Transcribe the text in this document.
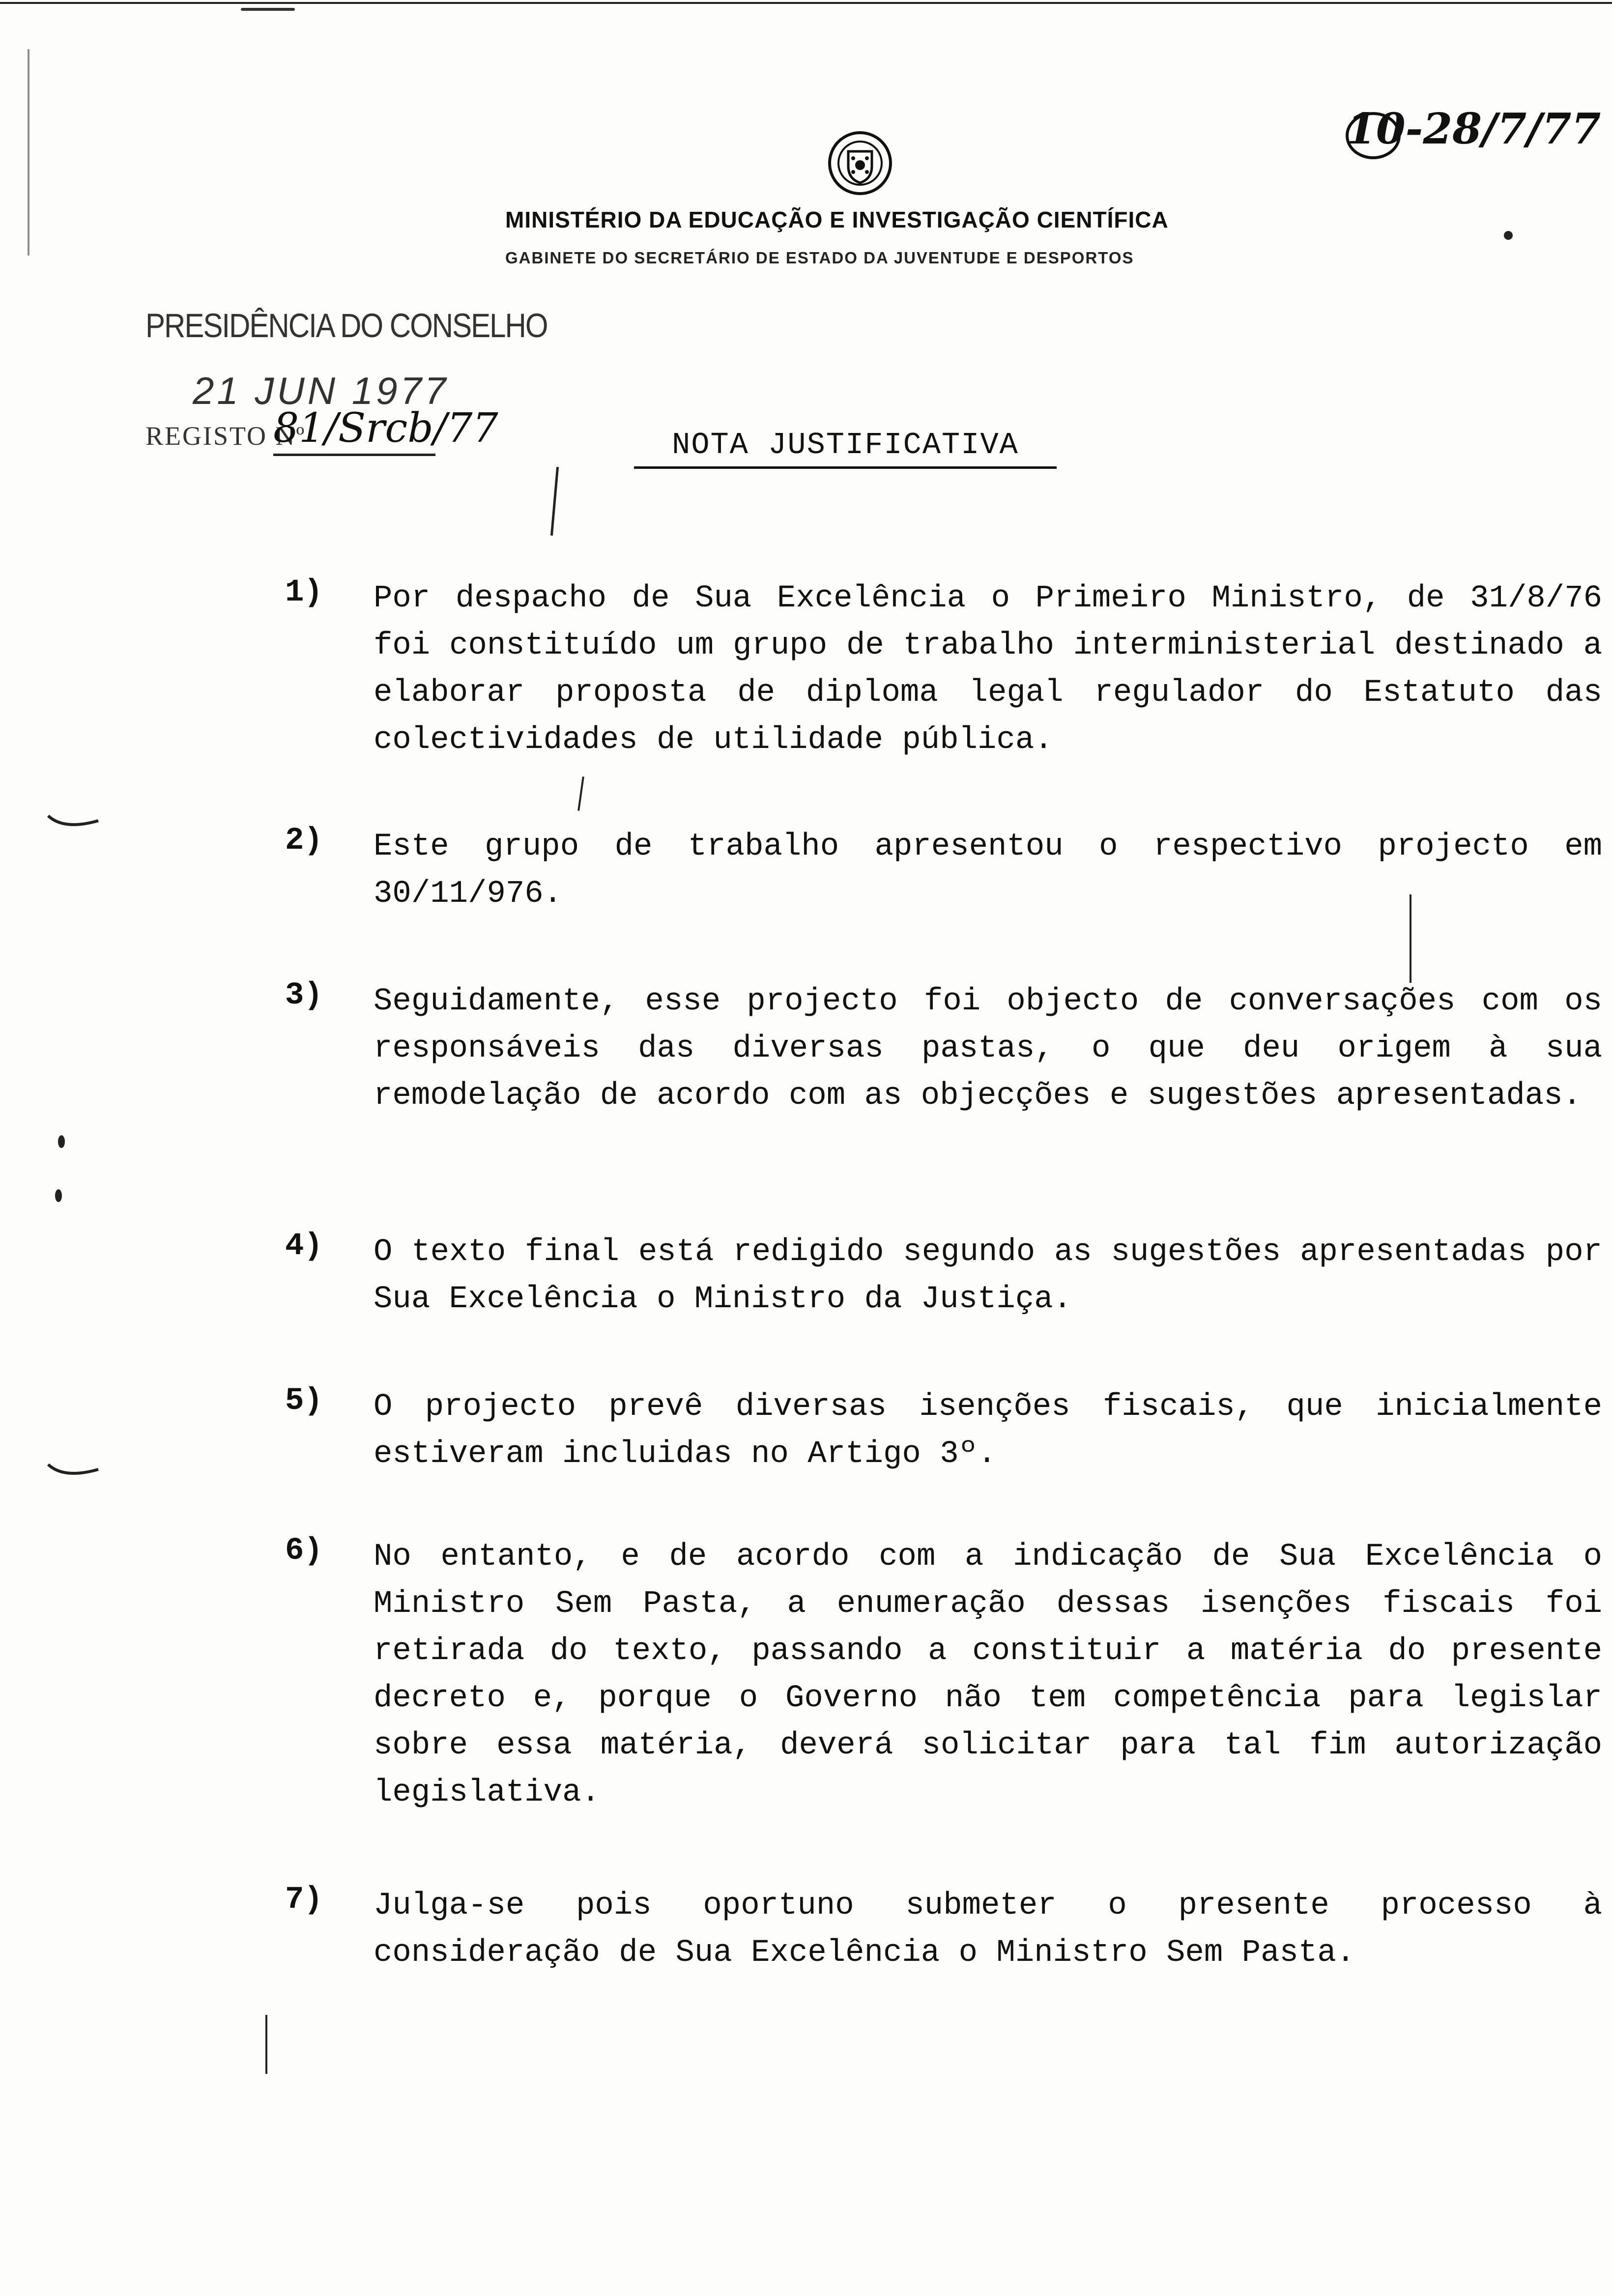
MINISTÉRIO DA EDUCAÇÃO E INVESTIGAÇÃO CIENTÍFICA
GABINETE DO SECRETÁRIO DE ESTADO DA JUVENTUDE E DESPORTOS
10-28/7/77
PRESIDÊNCIA DO CONSELHO
21 JUN 1977
REGISTO Nº
81/Srcb/77	NOTA JUSTIFICATIVA
1)	Por despacho de Sua Excelência o Primeiro Ministro, de 31/8/76 foi constituído um grupo de trabalho interministerial destinado a elaborar proposta de diploma legal regulador do Estatuto das colectividades de utilidade pública.
2)	Este grupo de trabalho apresentou o respectivo projecto em 30/11/976.
3)	Seguidamente, esse projecto foi objecto de conversações com os responsáveis das diversas pastas, o que deu origem à sua remodelação de acordo com as objecções e sugestões apresentadas.
4)	O texto final está redigido segundo as sugestões apresentadas por Sua Excelência o Ministro da Justiça.
5)	O projecto prevê diversas isenções fiscais, que inicialmente estiveram incluidas no Artigo 3º.
6)	No entanto, e de acordo com a indicação de Sua Excelência o Ministro Sem Pasta, a enumeração dessas isenções fiscais foi retirada do texto, passando a constituir a matéria do presente decreto e, porque o Governo não tem competência para legislar sobre essa matéria, deverá solicitar para tal fim autorização legislativa.
7)	Julga-se pois oportuno submeter o presente processo à consideração de Sua Excelência o Ministro Sem Pasta.
